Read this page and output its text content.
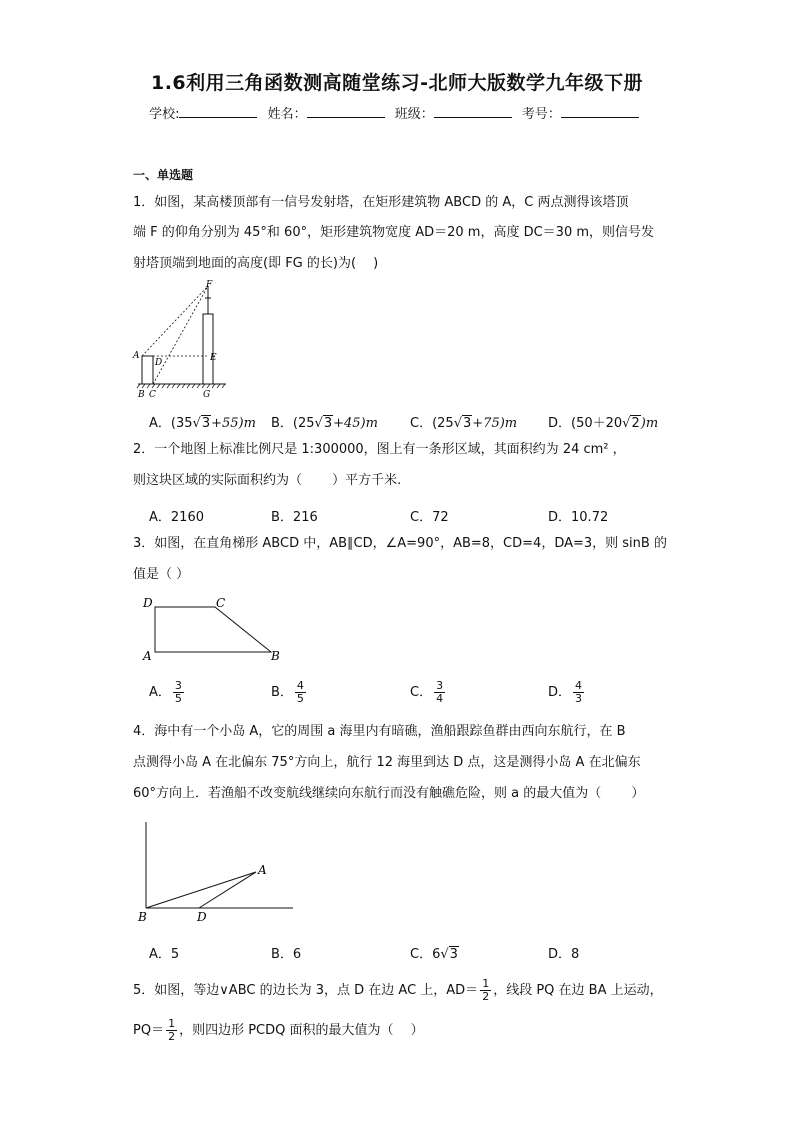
1.6利用三角函数测高随堂练习-北师大版数学九年级下册
学校:	姓名：	班级：	考号：
一、单选题
1．如图，某高楼顶部有一信号发射塔，在矩形建筑物 ABCD 的 A，C 两点测得该塔顶
端 F 的仰角分别为 45°和 60°，矩形建筑物宽度 AD＝20 m，高度 DC＝30 m，则信号发
射塔顶端到地面的高度(即 FG 的长)为(　 )
F
A
D	E
B C	G
A．(35√3+55)m B．(25√3+45)m C．(25√3+75)m D．(50＋20√2)m
2．一个地图上标准比例尺是 1:300000，图上有一条形区域，其面积约为 24 cm² ，
则这块区域的实际面积约为（　　 ）平方千米.
A．2160	B．216	C．72	D．10.72
3．如图，在直角梯形 ABCD 中，AB∥CD，∠A=90°，AB=8，CD=4，DA=3，则 sinB 的
值是（ ）
D	C
A	B
A． $\frac{3}{5}$	B． $\frac{4}{5}$	C． $\frac{3}{4}$	D． $\frac{4}{3}$
4．海中有一个小岛 A，它的周围 a 海里内有暗礁，渔船跟踪鱼群由西向东航行，在 B
点测得小岛 A 在北偏东 75°方向上，航行 12 海里到达 D 点，这是测得小岛 A 在北偏东
60°方向上．若渔船不改变航线继续向东航行而没有触礁危险，则 a 的最大值为（　　 ）
A
B	D
A．5	B．6	C．6√3	D．8
5．如图，等边∨ABC 的边长为 3，点 D 在边 AC 上，$AD= \frac{1}{2}$ ，线段 PQ 在边 BA 上运动，
$PQ= \frac{1}{2}$ ，则四边形 PCDQ 面积的最大值为（　 ）
